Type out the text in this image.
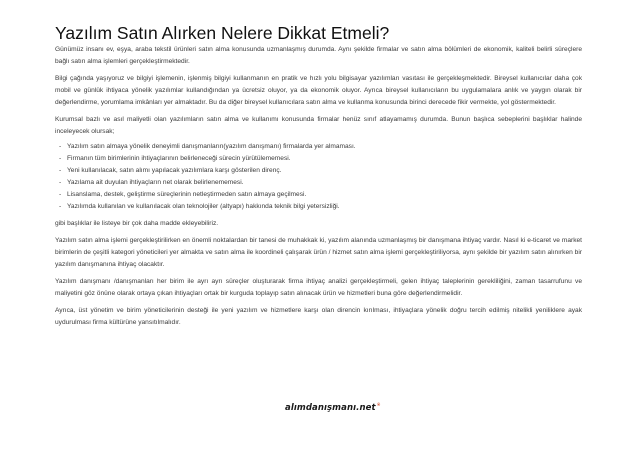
Yazılım Satın Alırken Nelere Dikkat Etmeli?

Günümüz insanı ev, eşya, araba tekstil ürünleri satın alma konusunda uzmanlaşmış durumda. Aynı şekilde firmalar ve satın alma bölümleri de ekonomik, kaliteli belirli süreçlere bağlı satın alma işlemleri gerçekleştirmektedir.

Bilgi çağında yaşıyoruz ve bilgiyi işlemenin, işlenmiş bilgiyi kullanmanın en pratik ve hızlı yolu bilgisayar yazılımları vasıtası ile gerçekleşmektedir. Bireysel kullanıcılar daha çok mobil ve günlük ihtiyaca yönelik yazılımlar kullandığından ya ücretsiz oluyor, ya da ekonomik oluyor. Ayrıca bireysel kullanıcıların bu uygulamalara anlık ve yaygın olarak bir değerlendirme, yorumlama imkânları yer almaktadır. Bu da diğer bireysel kullanıcılara satın alma ve kullanma konusunda birinci derecede fikir vermekte, yol göstermektedir.

Kurumsal bazlı ve asıl maliyetli olan yazılımların satın alma ve kullanımı konusunda firmalar henüz sınıf atlayamamış durumda. Bunun başlıca sebeplerini başlıklar halinde inceleyecek olursak;

- Yazılım satın almaya yönelik deneyimli danışmanların(yazılım danışmanı) firmalarda yer almaması.
- Firmanın tüm birimlerinin ihtiyaçlarının belirleneceği sürecin yürütülememesi.
- Yeni kullanılacak, satın alımı yapılacak yazılımlara karşı gösterilen direnç.
- Yazılama ait duyulan ihtiyaçların net olarak belirlenememesi.
- Lisanslama, destek, geliştirme süreçlerinin netleştirmeden satın almaya geçilmesi.
- Yazılımda kullanılan ve kullanılacak olan teknolojiler (altyapı) hakkında teknik bilgi yetersizliği.

gibi başlıklar ile listeye bir çok daha madde ekleyebiliriz.

Yazılım satın alma işlemi gerçekleştirilirken en önemli noktalardan bir tanesi de muhakkak ki, yazılım alanında uzmanlaşmış bir danışmana ihtiyaç vardır. Nasıl ki e-ticaret ve market birimlerin de çeşitli kategori yöneticileri yer almakta ve satın alma ile koordineli çalışarak ürün / hizmet satın alma işlemi gerçekleştiriliyorsa, aynı şekilde bir yazılım satın alınırken bir yazılım danışmanına ihtiyaç olacaktır.

Yazılım danışmanı /danışmanları her birim ile ayrı ayrı süreçler oluşturarak firma ihtiyaç analizi gerçekleştirmeli, gelen ihtiyaç taleplerinin gerekliliğini, zaman tasarrufunu ve maliyetini göz önüne olarak ortaya çıkan ihtiyaçları ortak bir kurguda toplayıp satın alınacak ürün ve hizmetleri buna göre değerlendirmelidir.

Ayrıca, üst yönetim ve birim yöneticilerinin desteği ile yeni yazılım ve hizmetlere karşı olan direncin kırılması, ihtiyaçlara yönelik doğru tercih edilmiş nitelikli yeniliklere ayak uydurulması firma kültürüne yansıtılmalıdır.

alımdanışmanı.net®
